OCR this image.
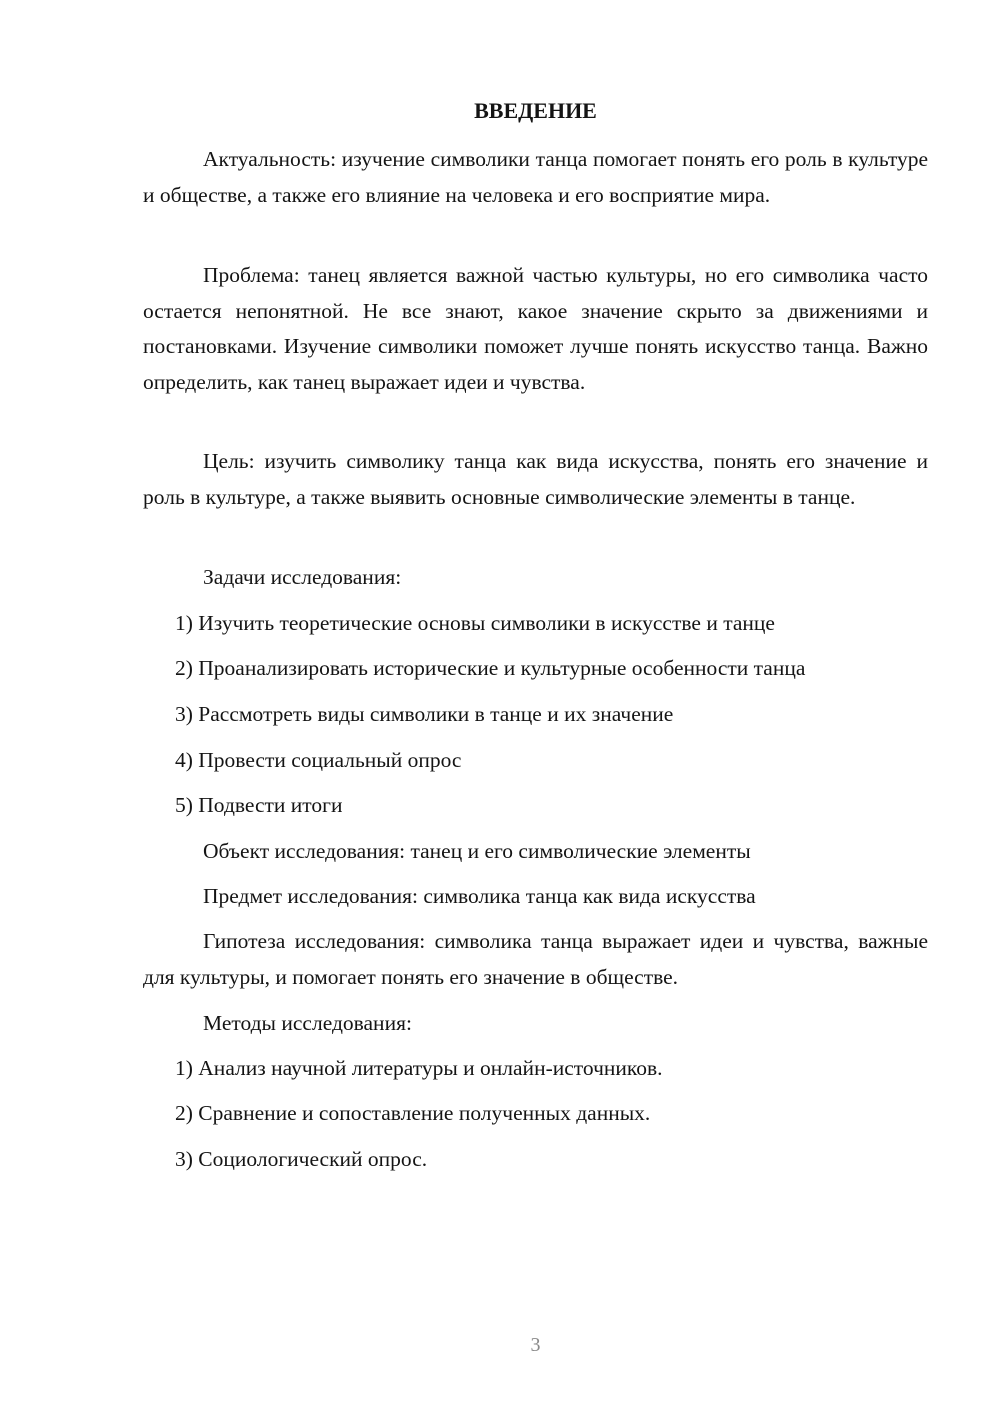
ВВЕДЕНИЕ

Актуальность: изучение символики танца помогает понять его роль в культуре и обществе, а также его влияние на человека и его восприятие мира.

Проблема: танец является важной частью культуры, но его символика часто остается непонятной. Не все знают, какое значение скрыто за движениями и постановками. Изучение символики поможет лучше понять искусство танца. Важно определить, как танец выражает идеи и чувства.

Цель: изучить символику танца как вида искусства, понять его значение и роль в культуре, а также выявить основные символические элементы в танце.

Задачи исследования:

1) Изучить теоретические основы символики в искусстве и танце

2) Проанализировать исторические и культурные особенности танца

3) Рассмотреть виды символики в танце и их значение

4) Провести социальный опрос

5) Подвести итоги

Объект исследования: танец и его символические элементы

Предмет исследования: символика танца как вида искусства

Гипотеза исследования: символика танца выражает идеи и чувства, важные для культуры, и помогает понять его значение в обществе.

Методы исследования:

1) Анализ научной литературы и онлайн-источников.

2) Сравнение и сопоставление полученных данных.

3) Социологический опрос.

3
